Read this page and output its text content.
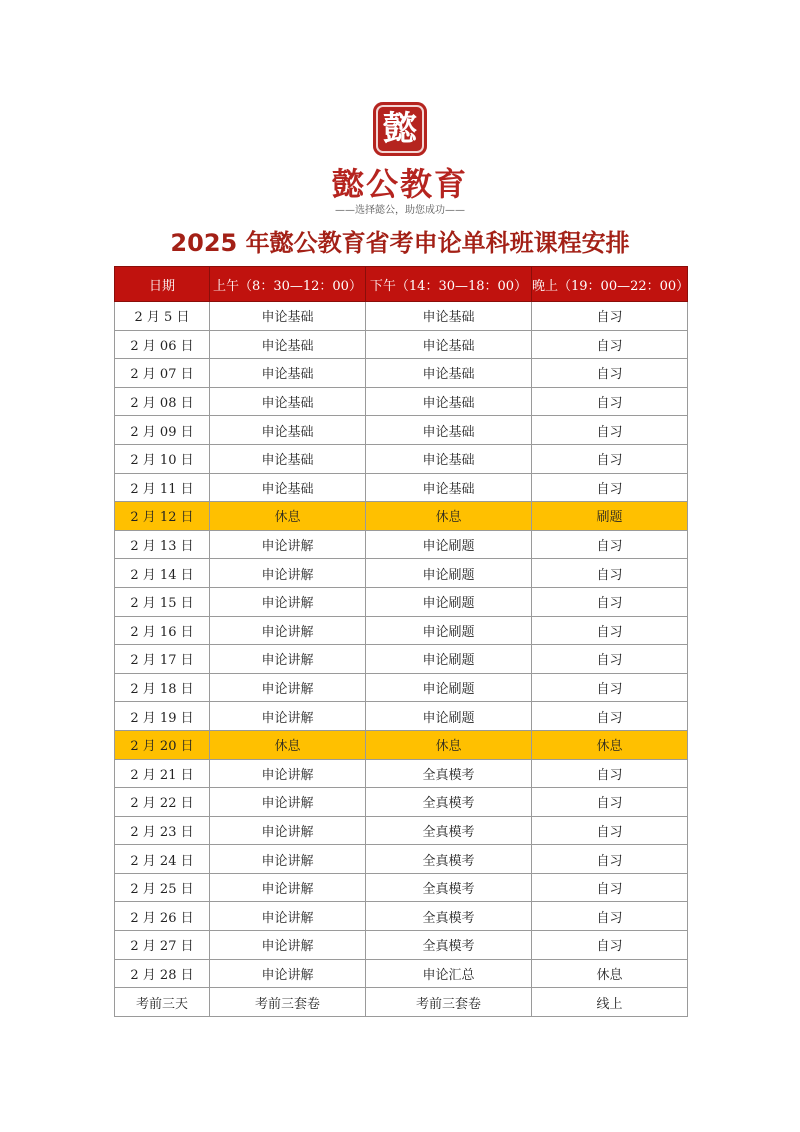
懿
懿公教育
——选择懿公，助您成功——
2025 年懿公教育省考申论单科班课程安排
日期	上午（8：30—12：00）	下午（14：30—18：00）	晚上（19：00—22：00）
2 月 5 日	申论基础	申论基础	自习
2 月 06 日	申论基础	申论基础	自习
2 月 07 日	申论基础	申论基础	自习
2 月 08 日	申论基础	申论基础	自习
2 月 09 日	申论基础	申论基础	自习
2 月 10 日	申论基础	申论基础	自习
2 月 11 日	申论基础	申论基础	自习
2 月 12 日	休息	休息	刷题
2 月 13 日	申论讲解	申论刷题	自习
2 月 14 日	申论讲解	申论刷题	自习
2 月 15 日	申论讲解	申论刷题	自习
2 月 16 日	申论讲解	申论刷题	自习
2 月 17 日	申论讲解	申论刷题	自习
2 月 18 日	申论讲解	申论刷题	自习
2 月 19 日	申论讲解	申论刷题	自习
2 月 20 日	休息	休息	休息
2 月 21 日	申论讲解	全真模考	自习
2 月 22 日	申论讲解	全真模考	自习
2 月 23 日	申论讲解	全真模考	自习
2 月 24 日	申论讲解	全真模考	自习
2 月 25 日	申论讲解	全真模考	自习
2 月 26 日	申论讲解	全真模考	自习
2 月 27 日	申论讲解	全真模考	自习
2 月 28 日	申论讲解	申论汇总	休息
考前三天	考前三套卷	考前三套卷	线上
